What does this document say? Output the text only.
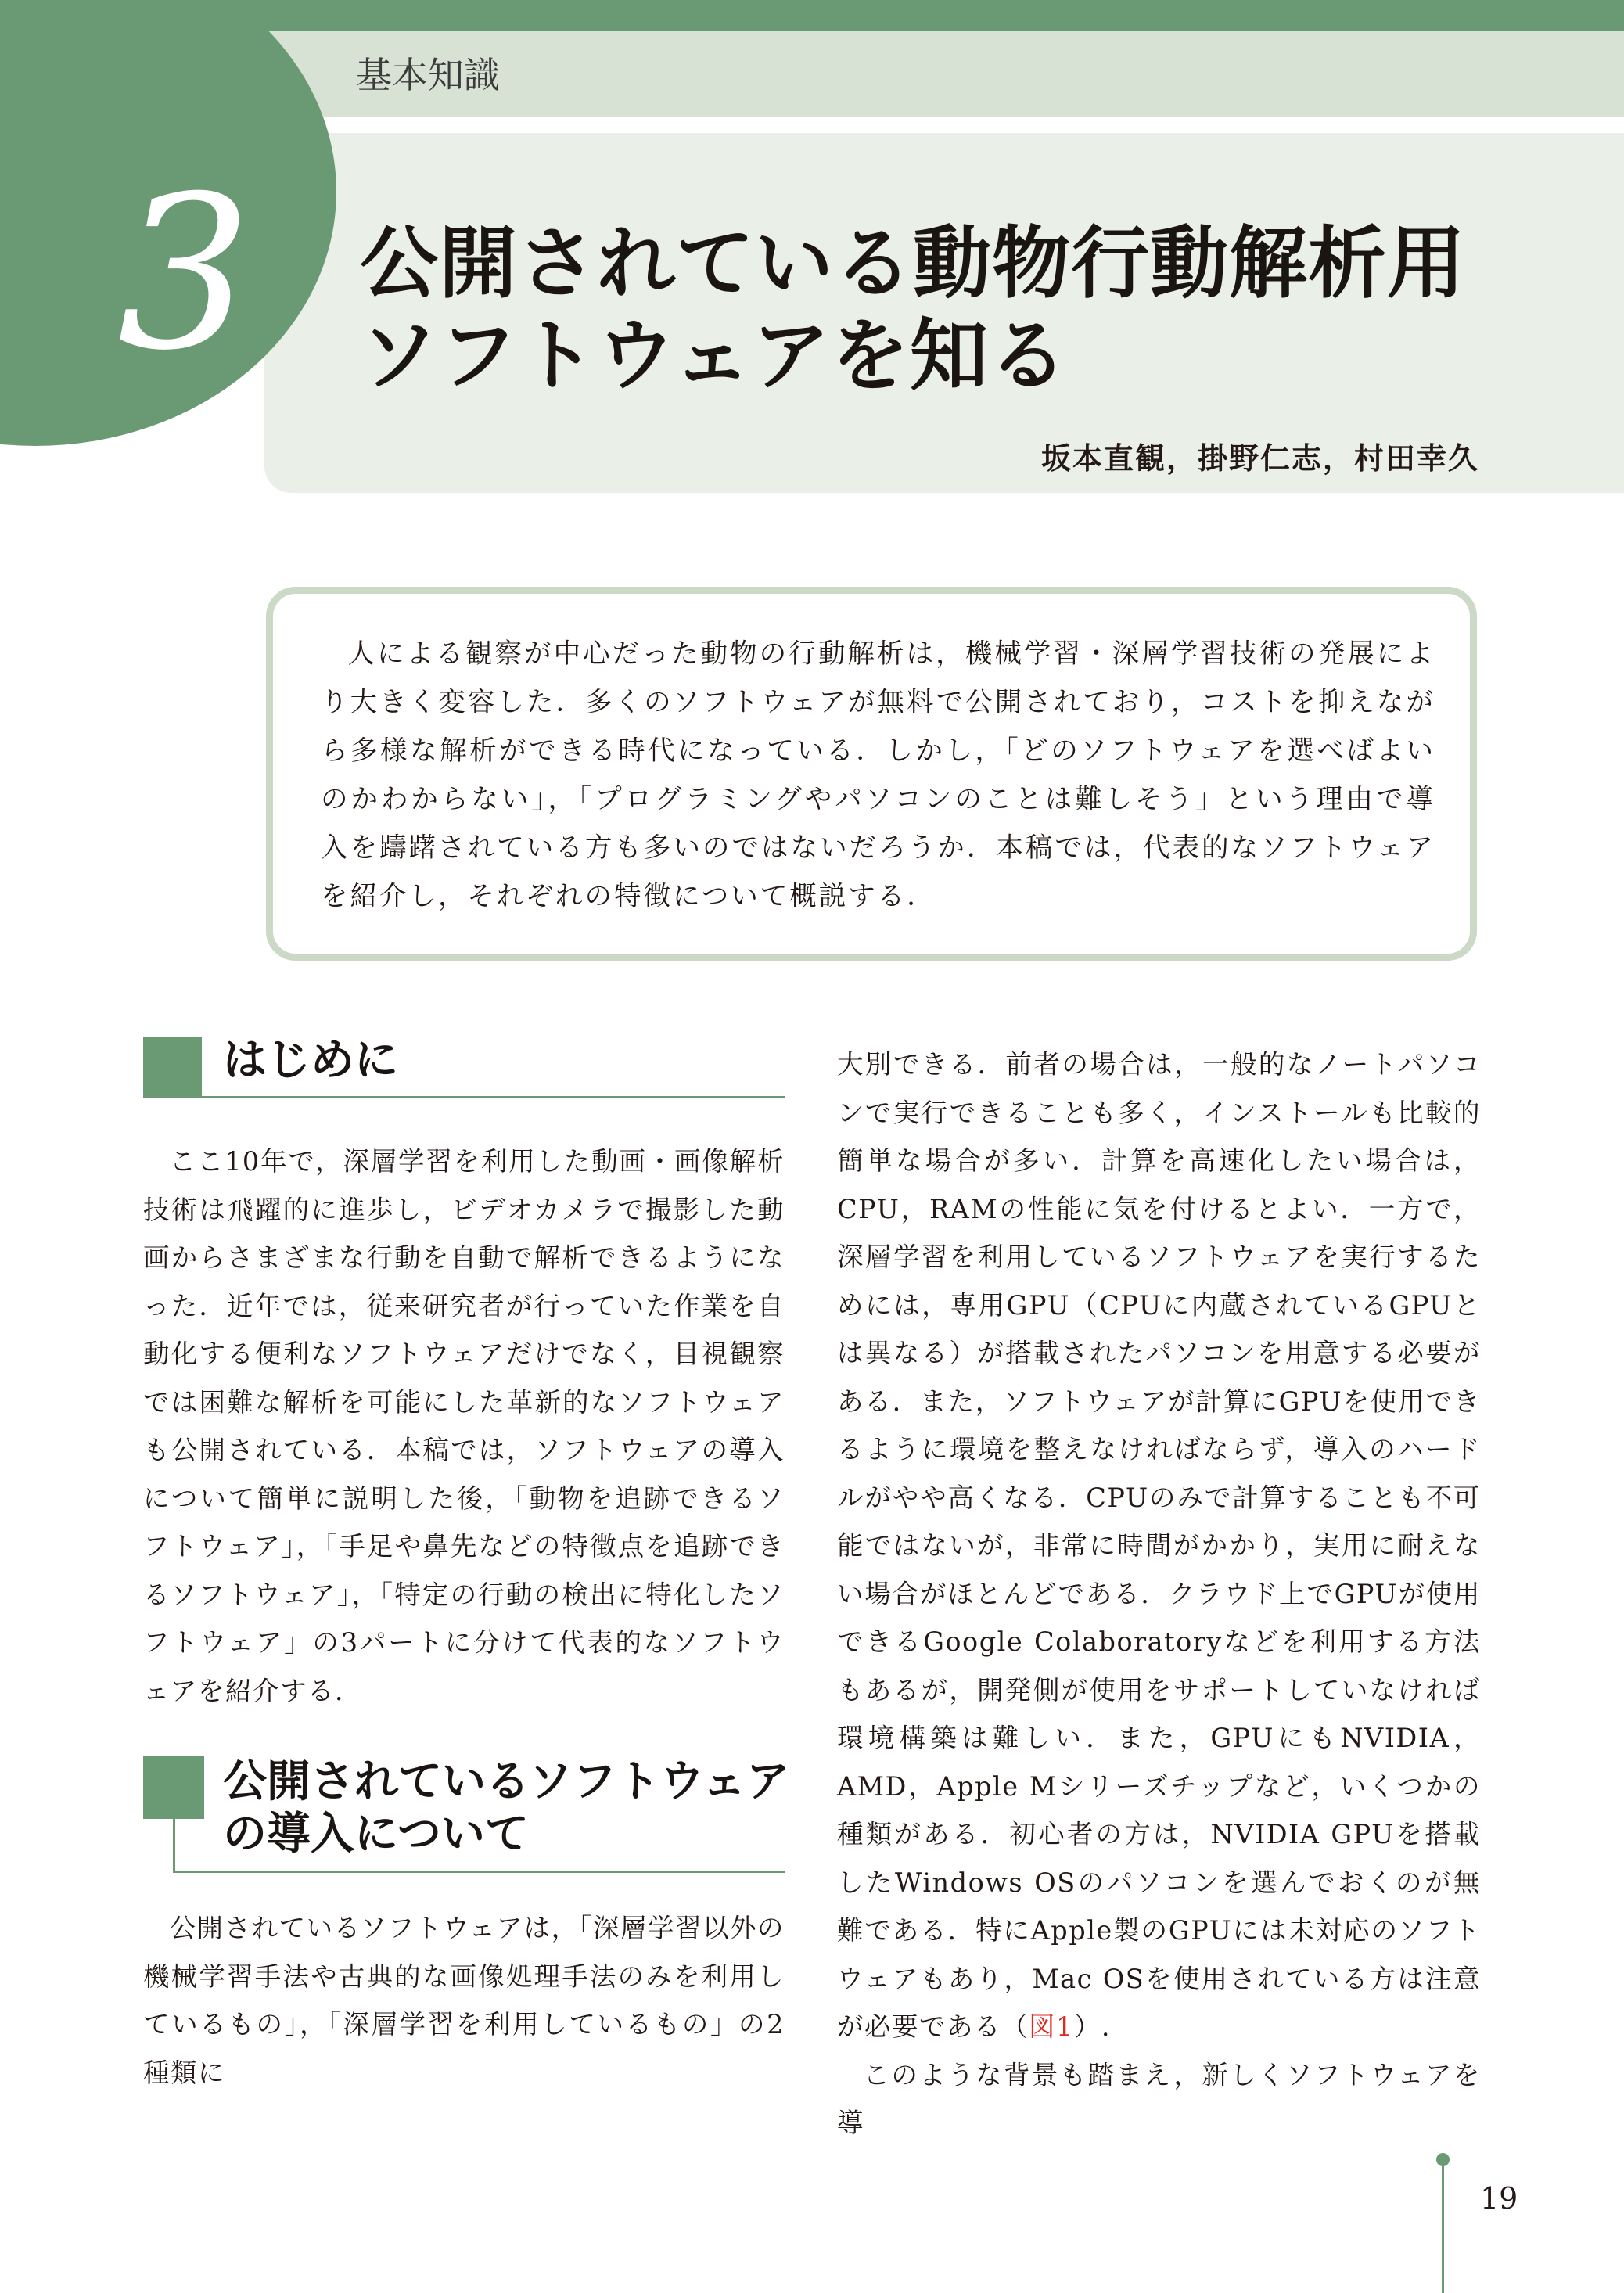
基本知識
3 公開されている動物行動解析用
ソフトウェアを知る
坂本直観，掛野仁志，村田幸久
人による観察が中心だった動物の行動解析は，機械学習・深層学習技術の発展により大きく変容した．多くのソフトウェアが無料で公開されており，コストを抑えながら多様な解析ができる時代になっている．しかし，「どのソフトウェアを選べばよいのかわからない」，「プログラミングやパソコンのことは難しそう」という理由で導入を躊躇されている方も多いのではないだろうか．本稿では，代表的なソフトウェアを紹介し，それぞれの特徴について概説する．
はじめに

ここ10年で，深層学習を利用した動画・画像解析技術は飛躍的に進歩し，ビデオカメラで撮影した動画からさまざまな行動を自動で解析できるようになった．近年では，従来研究者が行っていた作業を自動化する便利なソフトウェアだけでなく，目視観察では困難な解析を可能にした革新的なソフトウェアも公開されている．本稿では，ソフトウェアの導入について簡単に説明した後，「動物を追跡できるソフトウェア」，「手足や鼻先などの特徴点を追跡できるソフトウェア」，「特定の行動の検出に特化したソフトウェア」の3パートに分けて代表的なソフトウェアを紹介する．

公開されているソフトウェア
の導入について

公開されているソフトウェアは，「深層学習以外の機械学習手法や古典的な画像処理手法のみを利用しているもの」，「深層学習を利用しているもの」の2種類に

大別できる．前者の場合は，一般的なノートパソコンで実行できることも多く，インストールも比較的簡単な場合が多い．計算を高速化したい場合は，CPU，RAMの性能に気を付けるとよい．一方で，深層学習を利用しているソフトウェアを実行するためには，専用GPU（CPUに内蔵されているGPUとは異なる）が搭載されたパソコンを用意する必要がある．また，ソフトウェアが計算にGPUを使用できるように環境を整えなければならず，導入のハードルがやや高くなる．CPUのみで計算することも不可能ではないが，非常に時間がかかり，実用に耐えない場合がほとんどである．クラウド上でGPUが使用できるGoogle Colaboratoryなどを利用する方法もあるが，開発側が使用をサポートしていなければ環境構築は難しい．また，GPUにもNVIDIA，AMD，Apple Mシリーズチップなど，いくつかの種類がある．初心者の方は，NVIDIA GPUを搭載したWindows OSのパソコンを選んでおくのが無難である．特にApple製のGPUには未対応のソフトウェアもあり，Mac OSを使用されている方は注意が必要である（図1）.

このような背景も踏まえ，新しくソフトウェアを導

19
